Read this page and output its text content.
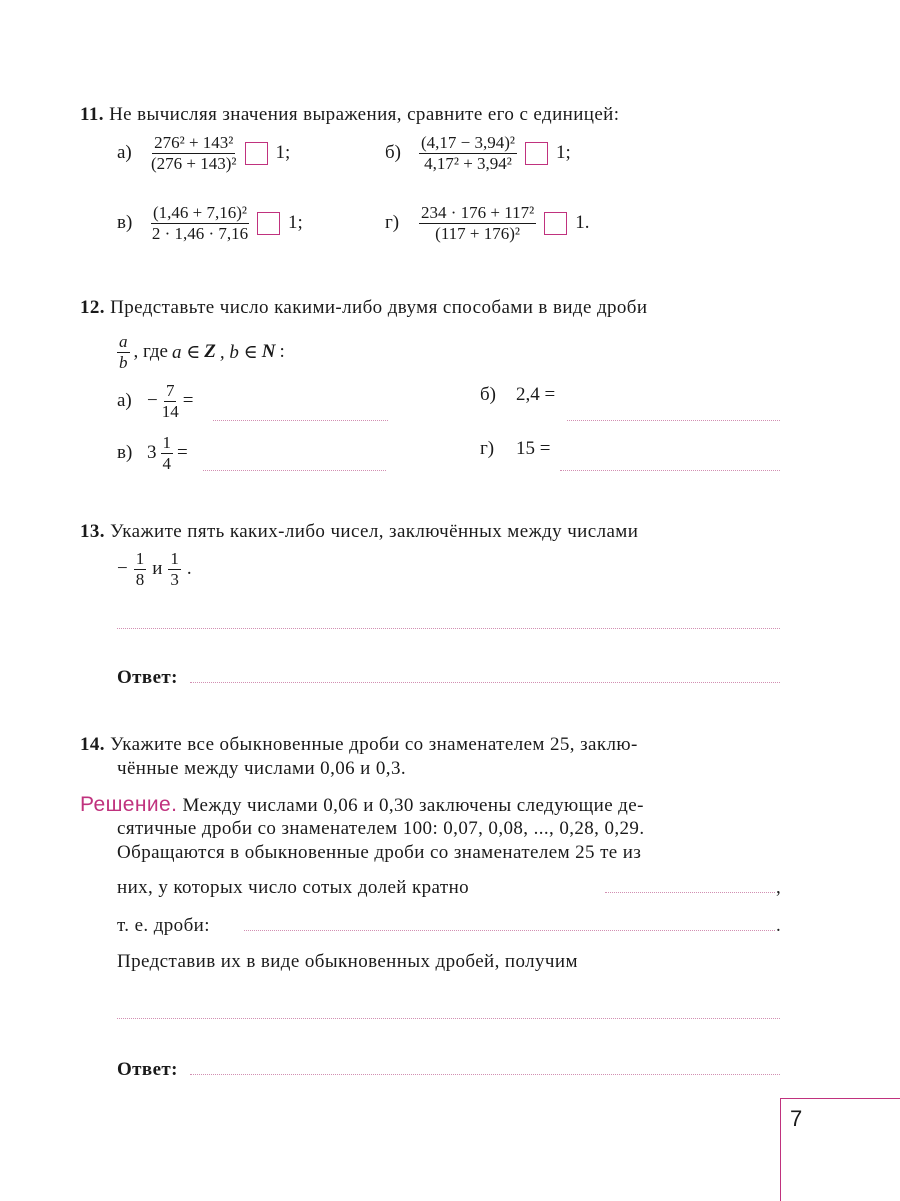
11. Не вычисляя значения выражения, сравните его с единицей:
а)	$\frac{\text{276² + 143²}}{\text{(276 + 143)²}} 1$;	б)	$\frac{\text{(4,17 − 3,94)²}}{\text{4,17² + 3,94²}} 1$;
в)	$\frac{\text{(1,46 + 7,16)²}}{2 \cdot 1,46 \cdot 7,16} 1$;	г)	$\frac{\text{234 · 176 + 117²}}{\text{(117 + 176)²}} 1$.
12. Представьте число какими-либо двумя способами в виде дроби
$\frac{a}{b}$ , где a ∈ Z , b ∈ N :
$а) - \frac{7}{14}$ =	б)	2,4 =
в) $3 \frac{1}{4}$ =	г)	15 =
13. Укажите пять каких-либо чисел, заключённых между числами
− $\frac{1}{8}$ и $\frac{1}{3}$ .
Ответ:
14. Укажите все обыкновенные дроби со знаменателем 25, заклю-
чённые между числами 0,06 и 0,3.
Решение. Между числами 0,06 и 0,30 заключены следующие де-
сятичные дроби со знаменателем 100: 0,07, 0,08, ..., 0,28, 0,29.
Обращаются в обыкновенные дроби со знаменателем 25 те из
них, у которых число сотых долей кратно	,
т. е. дроби:	.
Представив их в виде обыкновенных дробей, получим
Ответ:
7
